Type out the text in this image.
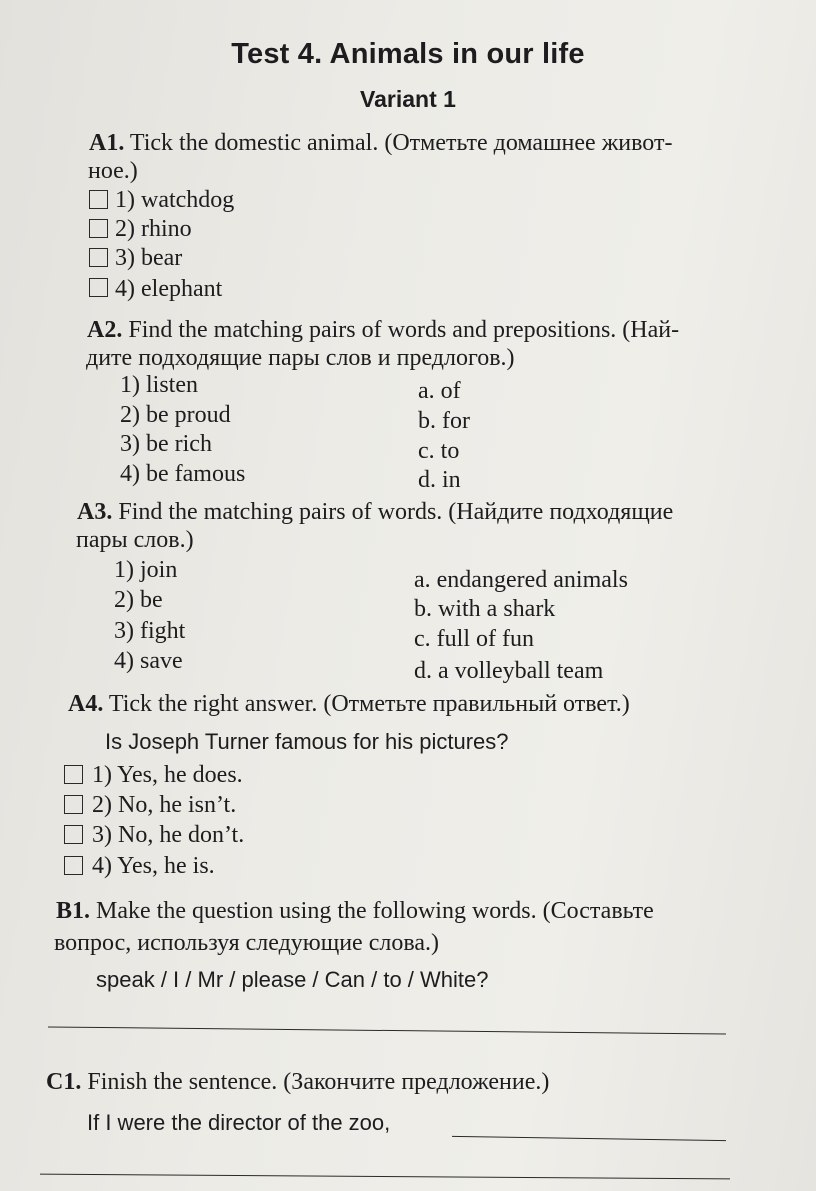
Test 4. Animals in our life
Variant 1
A1. Tick the domestic animal. (Отметьте домашнее живот-
ное.)
1) watchdog
2) rhino
3) bear
4) elephant
A2. Find the matching pairs of words and prepositions. (Най-
дите подходящие пары слов и предлогов.)
1) listen
2) be proud
3) be rich
4) be famous
a. of
b. for
c. to
d. in
A3. Find the matching pairs of words. (Найдите подходящие
пары слов.)
1) join
2) be
3) fight
4) save
a. endangered animals
b. with a shark
c. full of fun
d. a volleyball team
A4. Tick the right answer. (Отметьте правильный ответ.)
Is Joseph Turner famous for his pictures?
1) Yes, he does.
2) No, he isn’t.
3) No, he don’t.
4) Yes, he is.
B1. Make the question using the following words. (Составьте
вопрос, используя следующие слова.)
speak / I / Mr / please / Can / to / White?
C1. Finish the sentence. (Закончите предложение.)
If I were the director of the zoo,
